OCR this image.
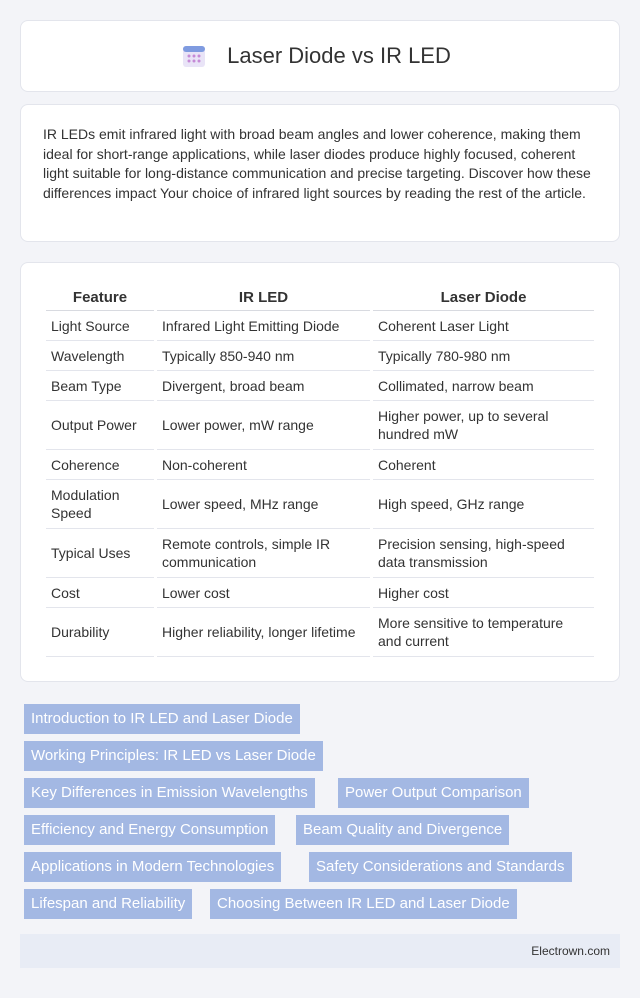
Laser Diode vs IR LED

IR LEDs emit infrared light with broad beam angles and lower coherence, making them ideal for short-range applications, while laser diodes produce highly focused, coherent light suitable for long-distance communication and precise targeting. Discover how these differences impact Your choice of infrared light sources by reading the rest of the article.

Feature	IR LED	Laser Diode
Light Source	Infrared Light Emitting Diode	Coherent Laser Light
Wavelength	Typically 850-940 nm	Typically 780-980 nm
Beam Type	Divergent, broad beam	Collimated, narrow beam
Output Power	Lower power, mW range	Higher power, up to several hundred mW
Coherence	Non-coherent	Coherent
Modulation Speed	Lower speed, MHz range	High speed, GHz range
Typical Uses	Remote controls, simple IR communication	Precision sensing, high-speed data transmission
Cost	Lower cost	Higher cost
Durability	Higher reliability, longer lifetime	More sensitive to temperature and current
Introduction to IR LED and Laser Diode
Working Principles: IR LED vs Laser Diode
Key Differences in Emission Wavelengths	Power Output Comparison
Efficiency and Energy Consumption	Beam Quality and Divergence
Applications in Modern Technologies	Safety Considerations and Standards
Lifespan and Reliability	Choosing Between IR LED and Laser Diode
Electrown.com
